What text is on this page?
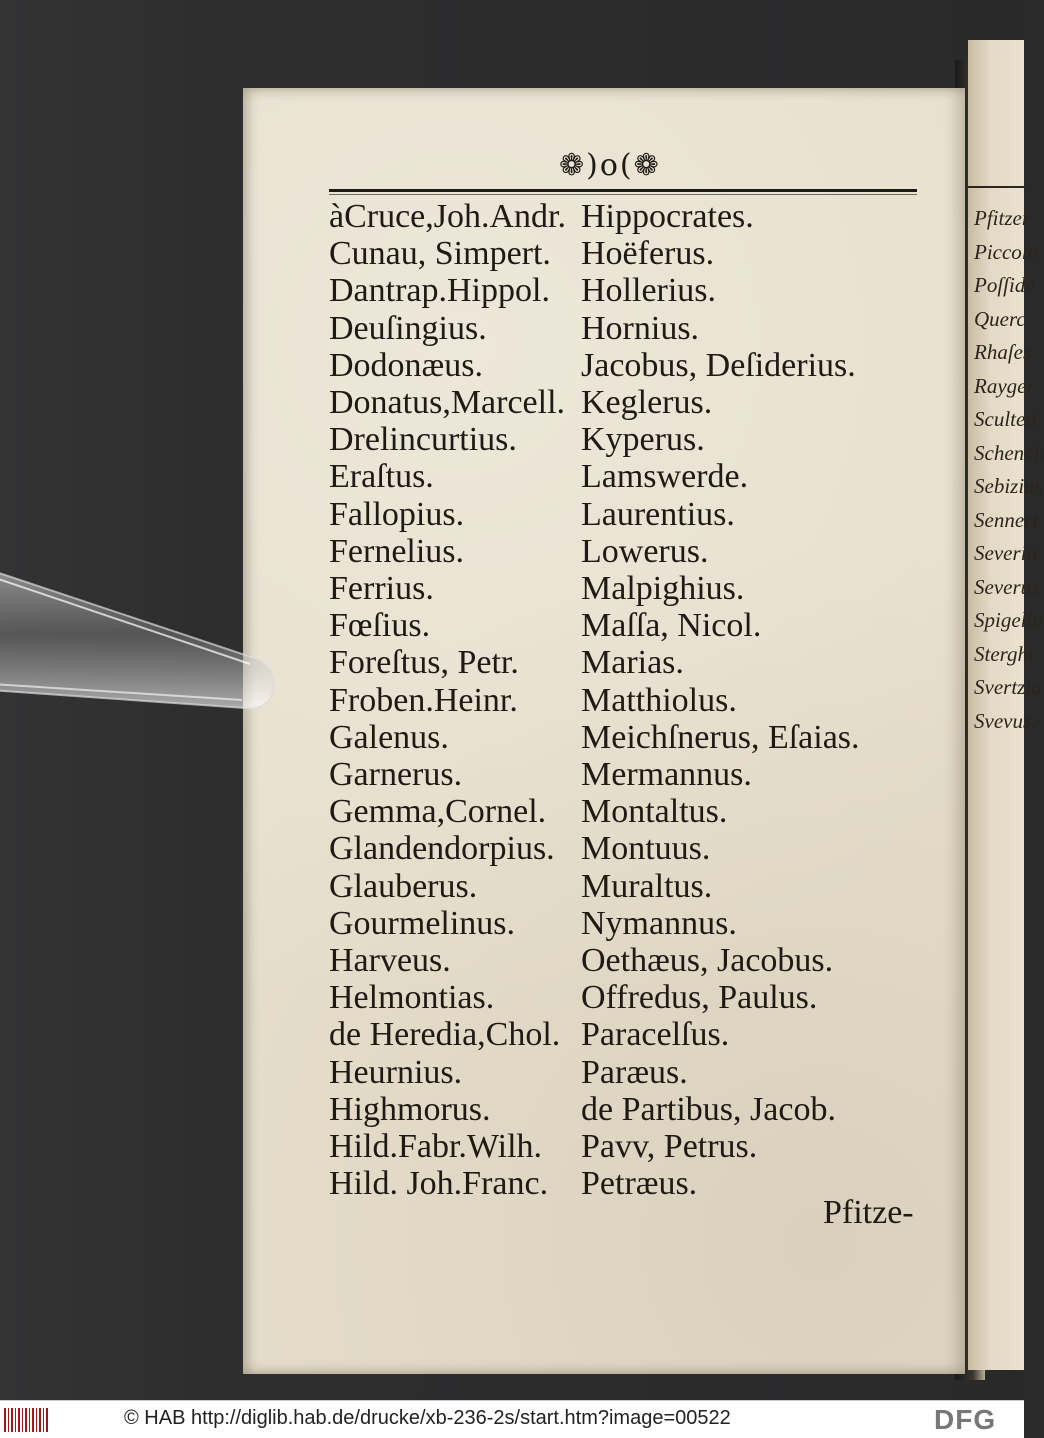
Pfitzer
Piccolo
Poſſide
Querc
Rhaſes
Rayger
Sculteti
Schench
Sebizius
Sennert
Severin
Severus
Spigeliu
Sterghi
Svertziu
Svevus.

❁)o(❁

àCruce,Joh.Andr.
Cunau, Simpert.
Dantrap.Hippol.
Deuſingius.
Dodonæus.
Donatus,Marcell.
Drelincurtius.
Eraſtus.
Fallopius.
Fernelius.
Ferrius.
Fœſius.
Foreſtus, Petr.
Froben.Heinr.
Galenus.
Garnerus.
Gemma,Cornel.
Glandendorpius.
Glauberus.
Gourmelinus.
Harveus.
Helmontias.
de Heredia,Chol.
Heurnius.
Highmorus.
Hild.Fabr.Wilh.
Hild. Joh.Franc.
Hippocrates.
Hoëferus.
Hollerius.
Hornius.
Jacobus, Deſiderius.
Keglerus.
Kyperus.
Lamswerde.
Laurentius.
Lowerus.
Malpighius.
Maſſa, Nicol.
Marias.
Matthiolus.
Meichſnerus, Eſaias.
Mermannus.
Montaltus.
Montuus.
Muraltus.
Nymannus.
Oethæus, Jacobus.
Offredus, Paulus.
Paracelſus.
Paræus.
de Partibus, Jacob.
Pavv, Petrus.
Petræus.

Pfitze-

© HAB http://diglib.hab.de/drucke/xb-236-2s/start.htm?image=00522	DFG
